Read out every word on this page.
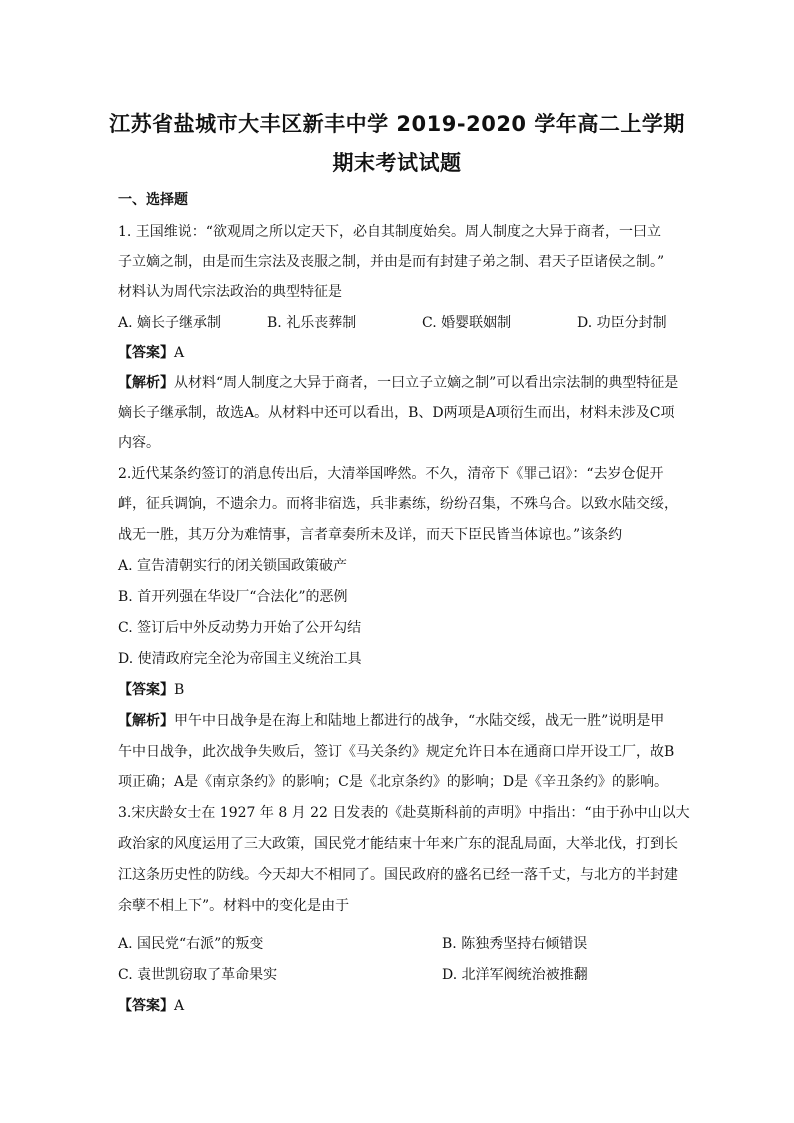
江苏省盐城市大丰区新丰中学 2019-2020 学年高二上学期
期末考试试题
一、选择题
1. 王国维说：“欲观周之所以定天下，必自其制度始矣。周人制度之大异于商者，一曰立
子立嫡之制，由是而生宗法及丧服之制，并由是而有封建子弟之制、君天子臣诸侯之制。”
材料认为周代宗法政治的典型特征是
A. 嫡长子继承制	B. 礼乐丧葬制	C. 婚婴联姻制	D. 功臣分封制
【答案】A
【解析】从材料“周人制度之大异于商者，一曰立子立嫡之制”可以看出宗法制的典型特征是
嫡长子继承制，故选A。从材料中还可以看出，B、D两项是A项衍生而出，材料未涉及C项
内容。
2.近代某条约签订的消息传出后，大清举国哗然。不久，清帝下《罪己诏》：“去岁仓促开
衅，征兵调饷，不遗余力。而将非宿选，兵非素练，纷纷召集，不殊乌合。以致水陆交绥，
战无一胜，其万分为难情事，言者章奏所未及详，而天下臣民皆当体谅也。”该条约
A. 宣告清朝实行的闭关锁国政策破产
B. 首开列强在华设厂“合法化”的恶例
C. 签订后中外反动势力开始了公开勾结
D. 使清政府完全沦为帝国主义统治工具
【答案】B
【解析】甲午中日战争是在海上和陆地上都进行的战争，“水陆交绥，战无一胜”说明是甲
午中日战争，此次战争失败后，签订《马关条约》规定允许日本在通商口岸开设工厂，故B
项正确；A是《南京条约》的影响；C是《北京条约》的影响；D是《辛丑条约》的影响。
3.宋庆龄女士在 1927 年 8 月 22 日发表的《赴莫斯科前的声明》中指出：“由于孙中山以大
政治家的风度运用了三大政策，国民党才能结束十年来广东的混乱局面，大举北伐，打到长
江这条历史性的防线。今天却大不相同了。国民政府的盛名已经一落千丈，与北方的半封建
余孽不相上下”。材料中的变化是由于
A. 国民党“右派”的叛变	B. 陈独秀坚持右倾错误
C. 袁世凯窃取了革命果实	D. 北洋军阀统治被推翻
【答案】A
